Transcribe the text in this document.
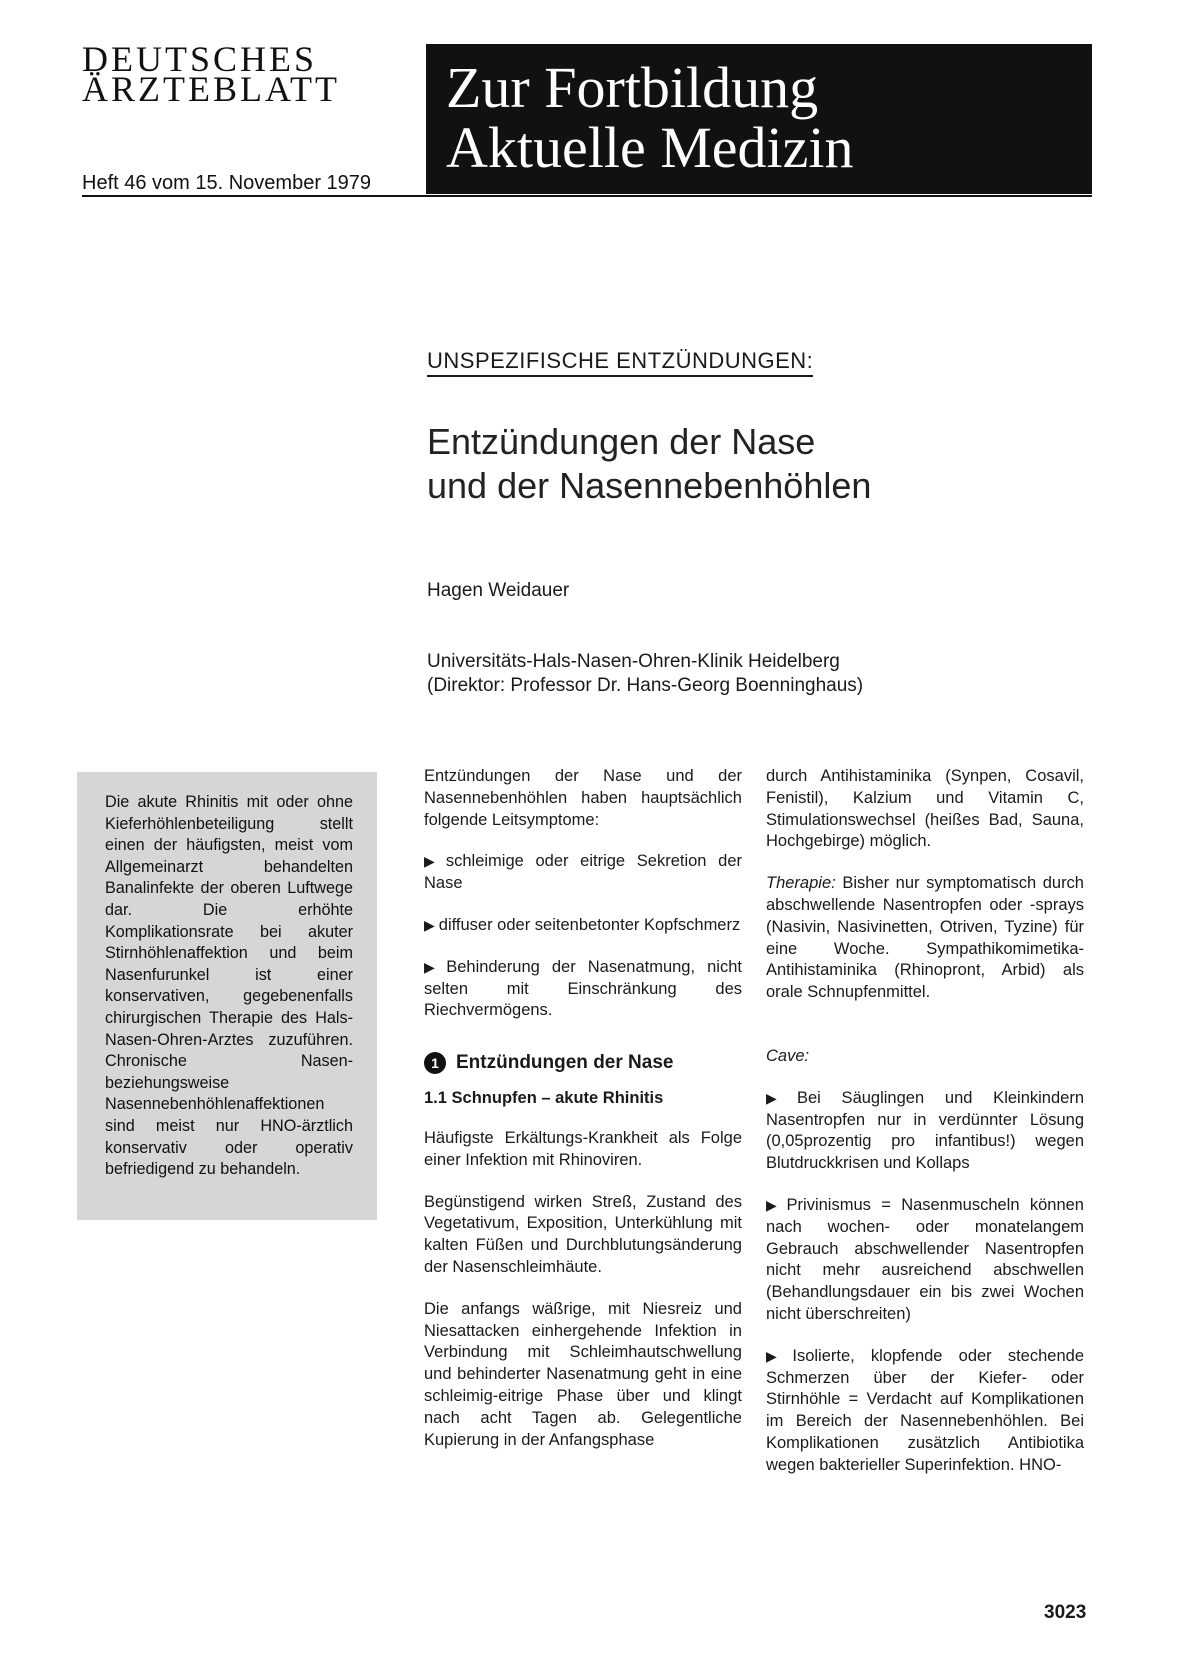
DEUTSCHES
ÄRZTEBLATT
Heft 46 vom 15. November 1979
Zur Fortbildung
Aktuelle Medizin
UNSPEZIFISCHE ENTZÜNDUNGEN:
Entzündungen der Nase
und der Nasennebenhöhlen
Hagen Weidauer
Universitäts-Hals-Nasen-Ohren-Klinik Heidelberg
(Direktor: Professor Dr. Hans-Georg Boenninghaus)

Die akute Rhinitis mit oder ohne Kieferhöhlenbeteiligung stellt einen der häufigsten, meist vom Allgemeinarzt behandelten Banalinfekte der oberen Luftwege dar. Die erhöhte Komplikationsrate bei akuter Stirnhöhlenaffektion und beim Nasenfurunkel ist einer konservativen, gegebenenfalls chirurgischen Therapie des Hals-Nasen-Ohren-Arztes zuzuführen. Chronische Nasen- beziehungsweise Nasennebenhöhlenaffektionen sind meist nur HNO-ärztlich konservativ oder operativ befriedigend zu behandeln.

Entzündungen der Nase und der Nasennebenhöhlen haben hauptsächlich folgende Leitsymptome:

▶ schleimige oder eitrige Sekretion der Nase

▶ diffuser oder seitenbetonter Kopfschmerz

▶ Behinderung der Nasenatmung, nicht selten mit Einschränkung des Riechvermögens.

1 Entzündungen der Nase
1.1 Schnupfen – akute Rhinitis

Häufigste Erkältungs-Krankheit als Folge einer Infektion mit Rhinoviren.

Begünstigend wirken Streß, Zustand des Vegetativum, Exposition, Unterkühlung mit kalten Füßen und Durchblutungsänderung der Nasenschleimhäute.

Die anfangs wäßrige, mit Niesreiz und Niesattacken einhergehende Infektion in Verbindung mit Schleimhautschwellung und behinderter Nasenatmung geht in eine schleimig-eitrige Phase über und klingt nach acht Tagen ab. Gelegentliche Kupierung in der Anfangsphase

durch Antihistaminika (Synpen, Cosavil, Fenistil), Kalzium und Vitamin C, Stimulationswechsel (heißes Bad, Sauna, Hochgebirge) möglich.

Therapie: Bisher nur symptomatisch durch abschwellende Nasentropfen oder -sprays (Nasivin, Nasivinetten, Otriven, Tyzine) für eine Woche. Sympathikomimetika-Antihistaminika (Rhinopront, Arbid) als orale Schnupfenmittel.

Cave:

▶ Bei Säuglingen und Kleinkindern Nasentropfen nur in verdünnter Lösung (0,05prozentig pro infantibus!) wegen Blutdruckkrisen und Kollaps

▶ Privinismus = Nasenmuscheln können nach wochen- oder monatelangem Gebrauch abschwellender Nasentropfen nicht mehr ausreichend abschwellen (Behandlungsdauer ein bis zwei Wochen nicht überschreiten)

▶ Isolierte, klopfende oder stechende Schmerzen über der Kiefer- oder Stirnhöhle = Verdacht auf Komplikationen im Bereich der Nasennebenhöhlen. Bei Komplikationen zusätzlich Antibiotika wegen bakterieller Superinfektion. HNO-

3023
